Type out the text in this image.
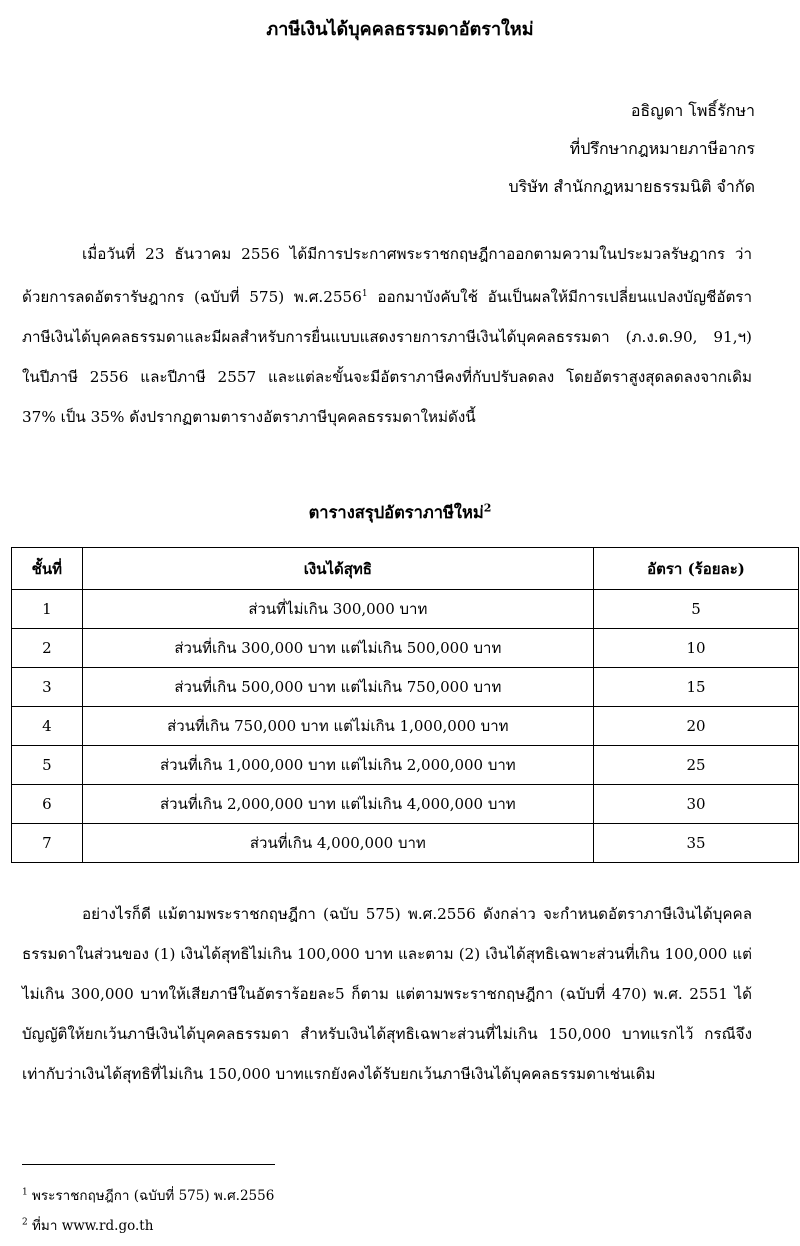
ภาษีเงินได้บุคคลธรรมดาอัตราใหม่
อธิญดา โพธิ์รักษา
ที่ปรึกษากฎหมายภาษีอากร
บริษัท สำนักกฎหมายธรรมนิติ จำกัด

เมื่อวันที่ 23 ธันวาคม 2556 ได้มีการประกาศพระราชกฤษฎีกาออกตามความในประมวลรัษฎากร ว่าด้วยการลดอัตรารัษฎากร (ฉบับที่ 575) พ.ศ.2556$^1$ ออกมาบังคับใช้ อันเป็นผลให้มีการเปลี่ยนแปลงบัญชีอัตราภาษีเงินได้บุคคลธรรมดาและมีผลสำหรับการยื่นแบบแสดงรายการภาษีเงินได้บุคคลธรรมดา (ภ.ง.ด.90, 91,ฯ) ในปีภาษี 2556 และปีภาษี 2557 และแต่ละขั้นจะมีอัตราภาษีคงที่กับปรับลดลง โดยอัตราสูงสุดลดลงจากเดิม 37% เป็น 35% ดังปรากฏตามตารางอัตราภาษีบุคคลธรรมดาใหม่ดังนี้

ตารางสรุปอัตราภาษีใหม่$^2$
ชั้นที่	เงินได้สุทธิ	อัตรา (ร้อยละ)
1	ส่วนที่ไม่เกิน 300,000 บาท	5
2	ส่วนที่เกิน 300,000 บาท แต่ไม่เกิน 500,000 บาท	10
3	ส่วนที่เกิน 500,000 บาท แต่ไม่เกิน 750,000 บาท	15
4	ส่วนที่เกิน 750,000 บาท แต่ไม่เกิน 1,000,000 บาท	20
5	ส่วนที่เกิน 1,000,000 บาท แต่ไม่เกิน 2,000,000 บาท	25
6	ส่วนที่เกิน 2,000,000 บาท แต่ไม่เกิน 4,000,000 บาท	30
7	ส่วนที่เกิน 4,000,000 บาท	35

อย่างไรก็ดี แม้ตามพระราชกฤษฎีกา (ฉบับ 575) พ.ศ.2556 ดังกล่าว จะกำหนดอัตราภาษีเงินได้บุคคลธรรมดาในส่วนของ (1) เงินได้สุทธิไม่เกิน 100,000 บาท และตาม (2) เงินได้สุทธิเฉพาะส่วนที่เกิน 100,000 แต่ไม่เกิน 300,000 บาทให้เสียภาษีในอัตราร้อยละ5 ก็ตาม แต่ตามพระราชกฤษฎีกา (ฉบับที่ 470) พ.ศ. 2551 ได้บัญญัติให้ยกเว้นภาษีเงินได้บุคคลธรรมดา สำหรับเงินได้สุทธิเฉพาะส่วนที่ไม่เกิน 150,000 บาทแรกไว้ กรณีจึงเท่ากับว่าเงินได้สุทธิที่ไม่เกิน 150,000 บาทแรกยังคงได้รับยกเว้นภาษีเงินได้บุคคลธรรมดาเช่นเดิม

$^1$ พระราชกฤษฎีกา (ฉบับที่ 575) พ.ศ.2556

$^2$ ที่มา www.rd.go.th
